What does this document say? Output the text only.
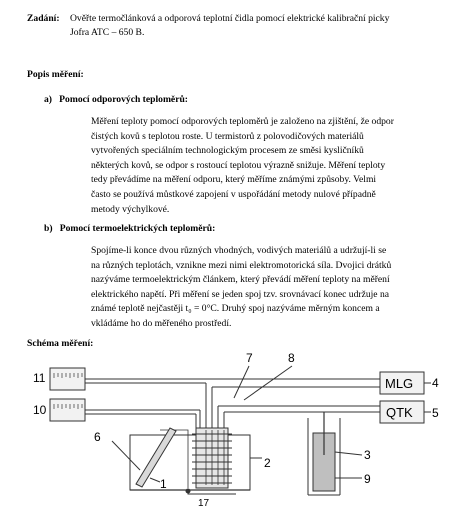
Zadání: Ověřte termočlánková a odporová teplotní čidla pomocí elektrické kalibrační picky
Jofra ATC – 650 B.
Popis měření:
a)   Pomocí odporových teploměrů:

Měření teploty pomocí odporových teploměrů je založeno na zjištění, že odpor

čistých kovů s teplotou roste. U termistorů z polovodičových materiálů

vytvořených speciálním technologickým procesem ze směsi kysličníků

některých kovů, se odpor s rostoucí teplotou výrazně snižuje. Měření teploty

tedy převádíme na měření odporu, který měříme známými způsoby. Velmi

často se používá můstkové zapojení v uspořádání metody nulové případně

metody výchylkové.

b)   Pomocí termoelektrických teploměrů:

Spojíme-li konce dvou různých vhodných, vodivých materiálů a udržují-li se

na různých teplotách, vznikne mezi nimi elektromotorická síla. Dvojici drátků

nazýváme termoelektrickým článkem, který převádí měření teploty na měření

elektrického napětí. Při měření se jeden spoj tzv. srovnávací konec udržuje na

známé teplotě nejčastěji t₀ = 0°C. Druhý spoj nazýváme měrným koncem a

vkládáme ho do měřeného prostředí.

Schéma měření:
11
10
7	8
4
5
6
2
3
9
1
17
MLG
QTK
